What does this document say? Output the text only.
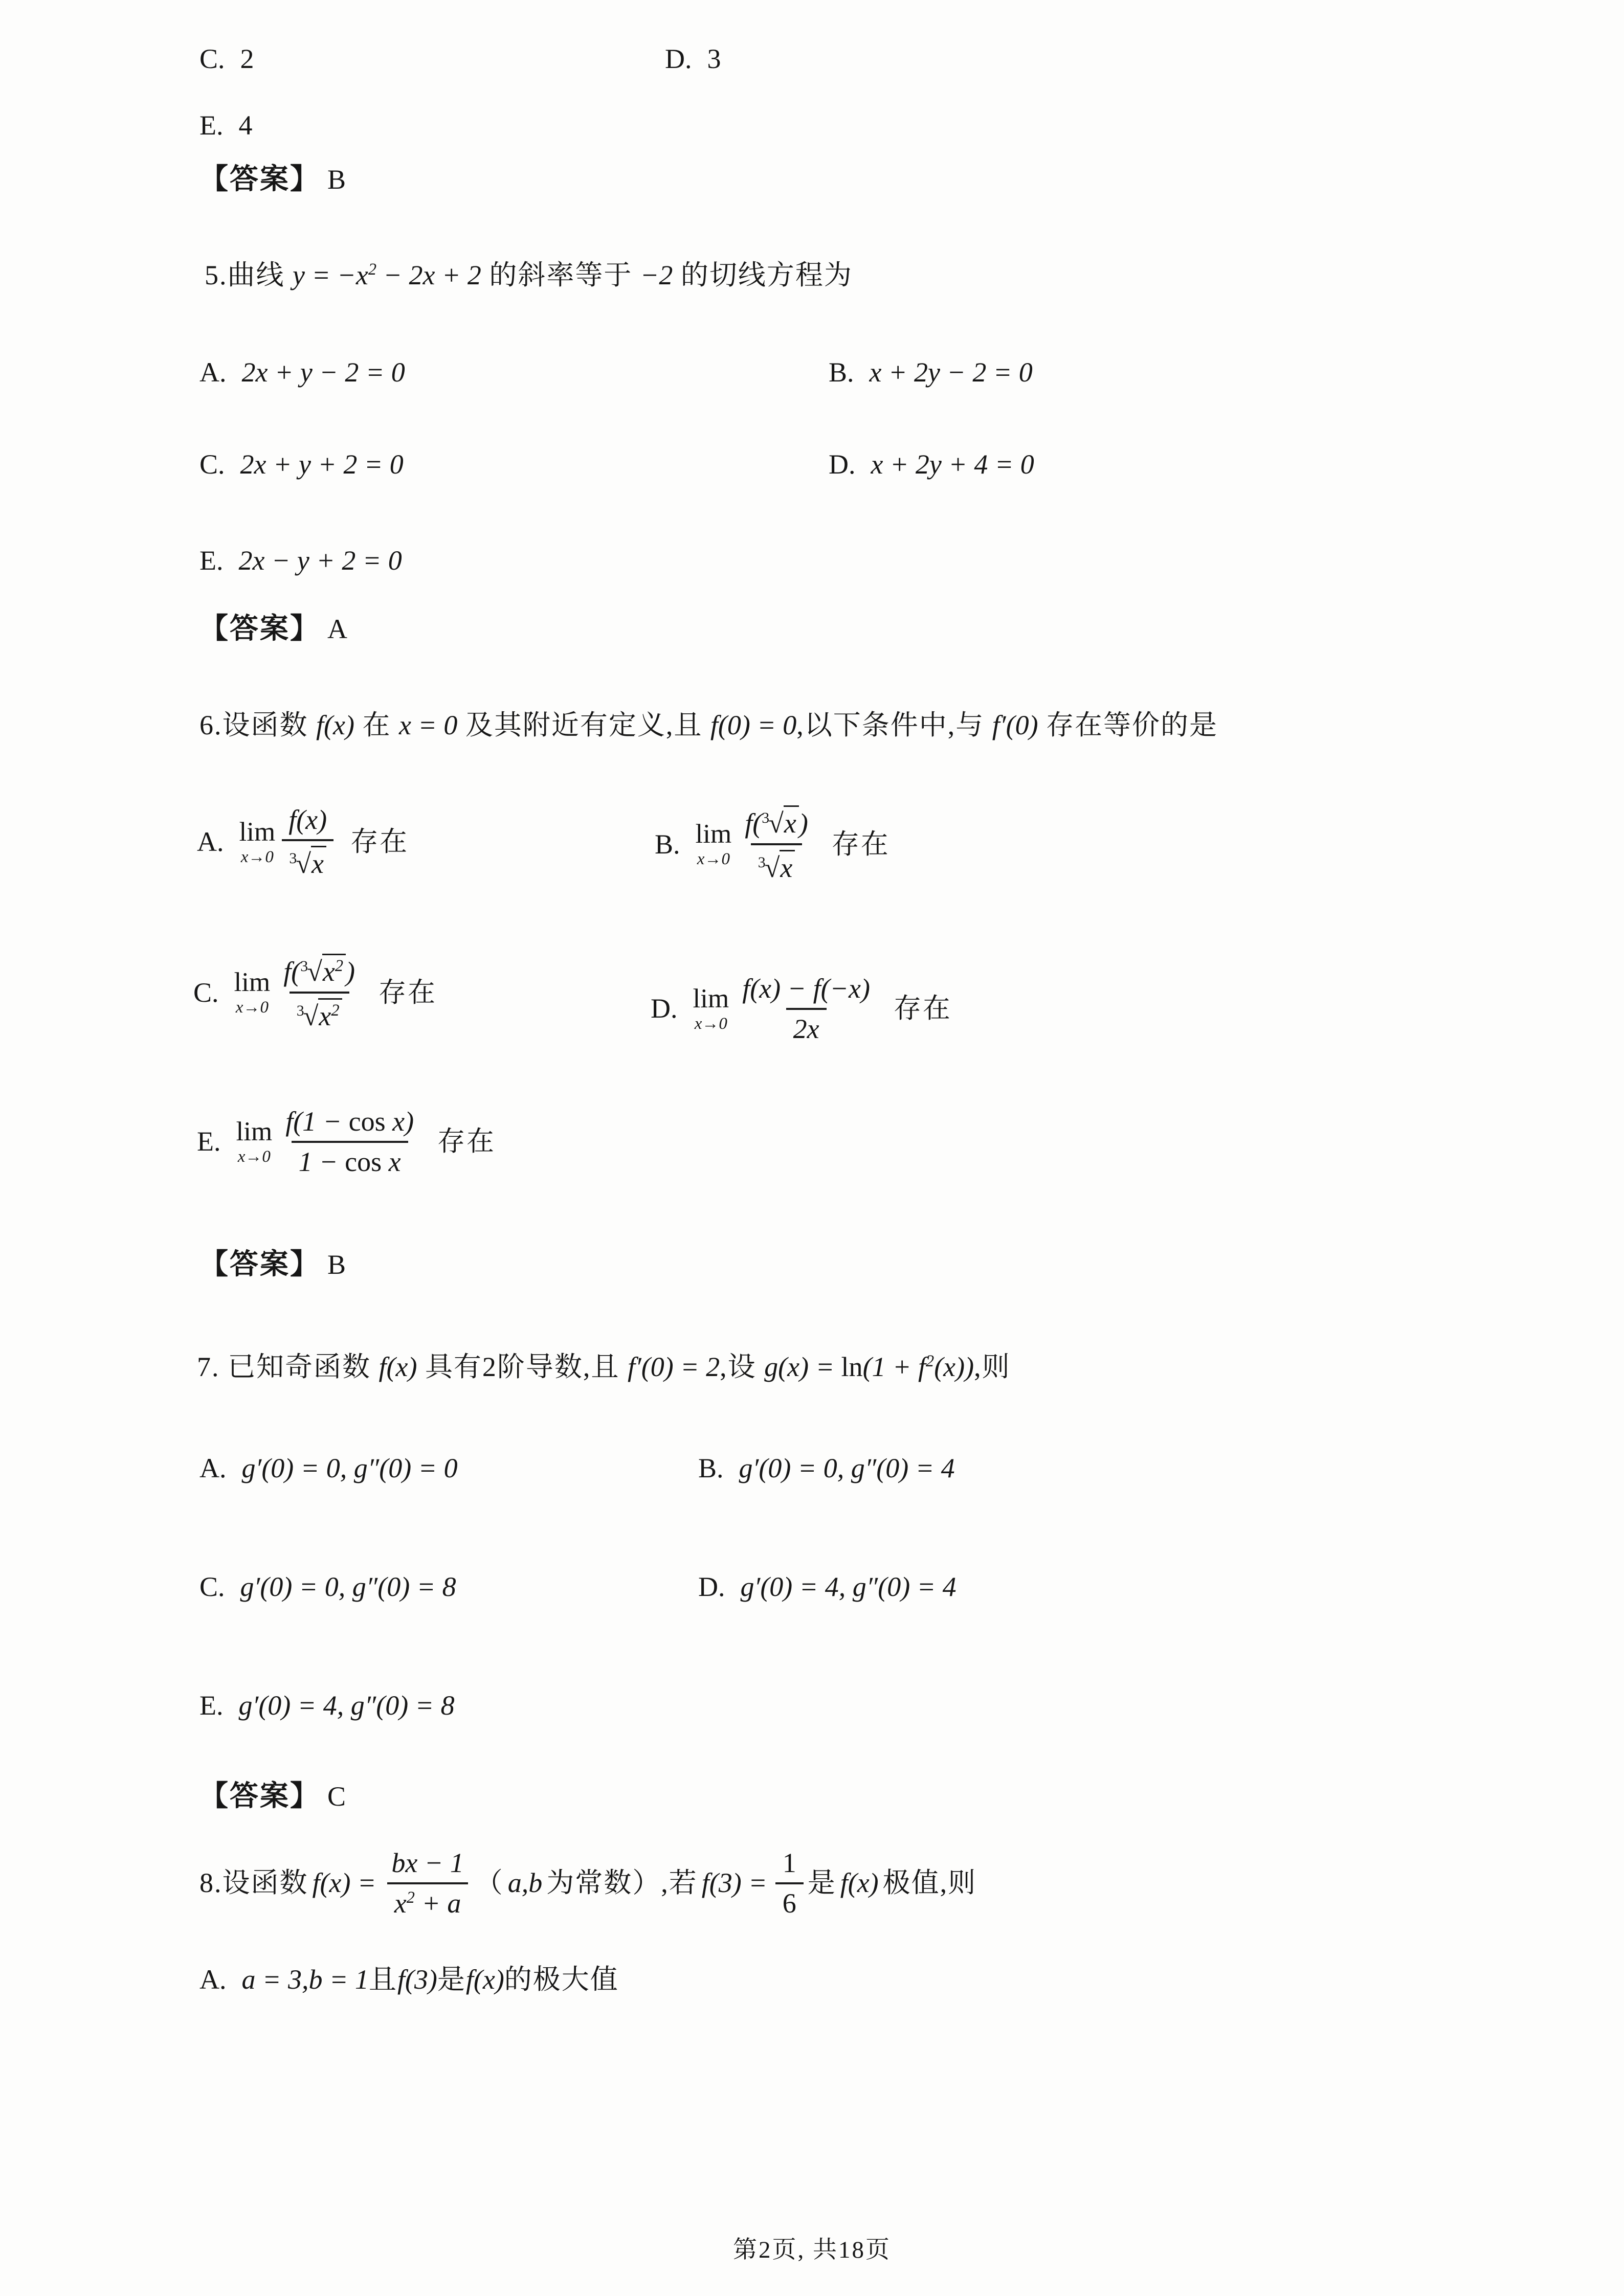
C. 2	D. 3
E. 4
【答案】 B
5.曲线 $y = -x^2 - 2x + 2$ 的斜率等于 −2 的切线方程为
A. 2x + y − 2 = 0	B. x + 2y − 2 = 0
C. 2x + y + 2 = 0	D. x + 2y + 4 = 0
E. 2x − y + 2 = 0
【答案】 A
6.设函数 f(x) 在 x = 0 及其附近有定义,且 f(0) = 0,以下条件中,与 f′(0) 存在等价的是
A. lim
$x\to 0 \frac{f(x)}{^3√x}$ 存在	B. lim
$x\to 0 \frac{f(^3√x)}{^3√x}$ 存在
C. lim
$x\to 0 \frac{f(^3√x^2)}{^3√x^2}$ 存在
D. lim
$x\to 0 \frac{f(x) - f(-x)}{2x}$ 存在
E. lim
$x\to 0 \frac{\text{f(1 − cos x)}}{\text{1 − cos x}}$ 存在
【答案】 B
7. 已知奇函数 f(x) 具有2阶导数,且 f′(0) = 2,设 $g(x) = \ln(1 + f^2(x))$,则
A. g′(0) = 0, g″(0) = 0	B. g′(0) = 0, g″(0) = 4
C. g′(0) = 0, g″(0) = 8	D. g′(0) = 4, g″(0) = 4
E. g′(0) = 4, g″(0) = 8
【答案】 C
8.设函数 $f(x) = \frac{bx - 1}{x^2 + a}$ （ a,b 为常数）,若 $f(3) = \frac{1}{6}$ 是 f(x) 极值,则
A. a = 3,b = 1且f(3)是f(x)的极大值
第2页, 共18页
